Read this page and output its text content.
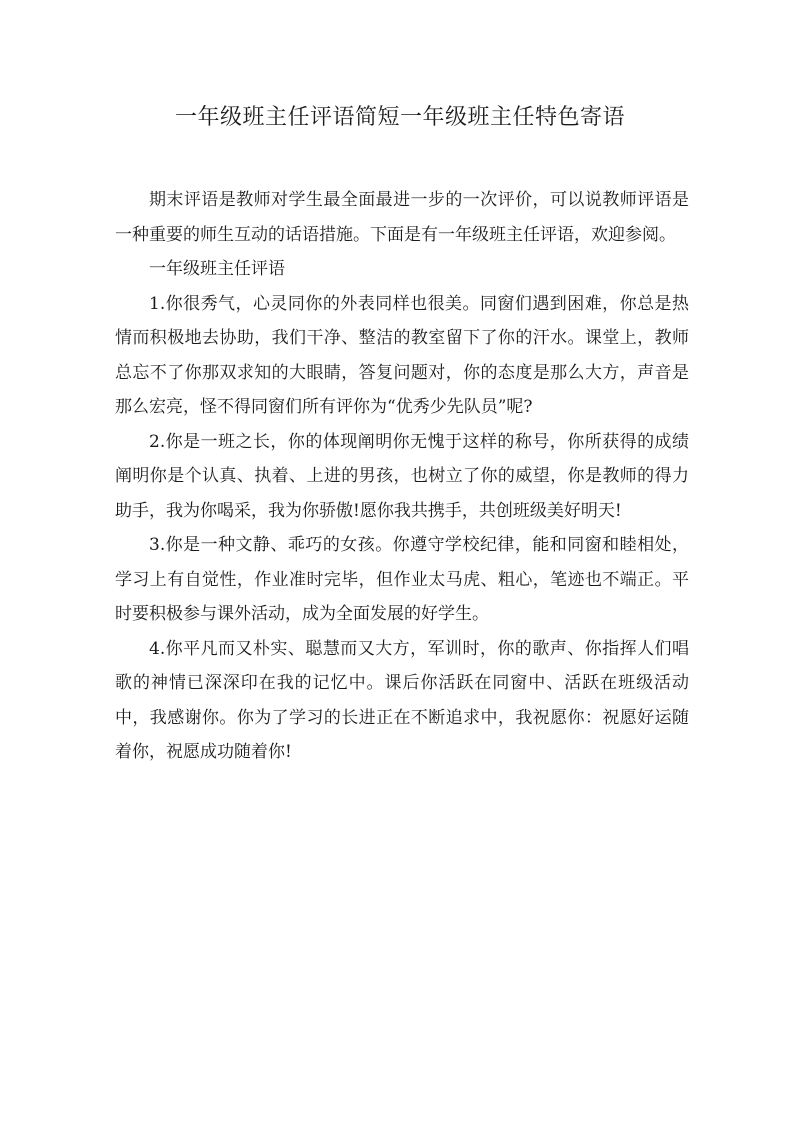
一年级班主任评语简短一年级班主任特色寄语

期末评语是教师对学生最全面最进一步的一次评价，可以说教师评语是一种重要的师生互动的话语措施。下面是有一年级班主任评语，欢迎参阅。

一年级班主任评语

1.你很秀气，心灵同你的外表同样也很美。同窗们遇到困难，你总是热情而积极地去协助，我们干净、整洁的教室留下了你的汗水。课堂上，教师总忘不了你那双求知的大眼睛，答复问题对，你的态度是那么大方，声音是那么宏亮，怪不得同窗们所有评你为“优秀少先队员”呢?

2.你是一班之长，你的体现阐明你无愧于这样的称号，你所获得的成绩阐明你是个认真、执着、上进的男孩，也树立了你的威望，你是教师的得力助手，我为你喝采，我为你骄傲!愿你我共携手，共创班级美好明天!

3.你是一种文静、乖巧的女孩。你遵守学校纪律，能和同窗和睦相处，学习上有自觉性，作业准时完毕，但作业太马虎、粗心，笔迹也不端正。平时要积极参与课外活动，成为全面发展的好学生。

4.你平凡而又朴实、聪慧而又大方，军训时，你的歌声、你指挥人们唱歌的神情已深深印在我的记忆中。课后你活跃在同窗中、活跃在班级活动中，我感谢你。你为了学习的长进正在不断追求中，我祝愿你：祝愿好运随着你，祝愿成功随着你!
